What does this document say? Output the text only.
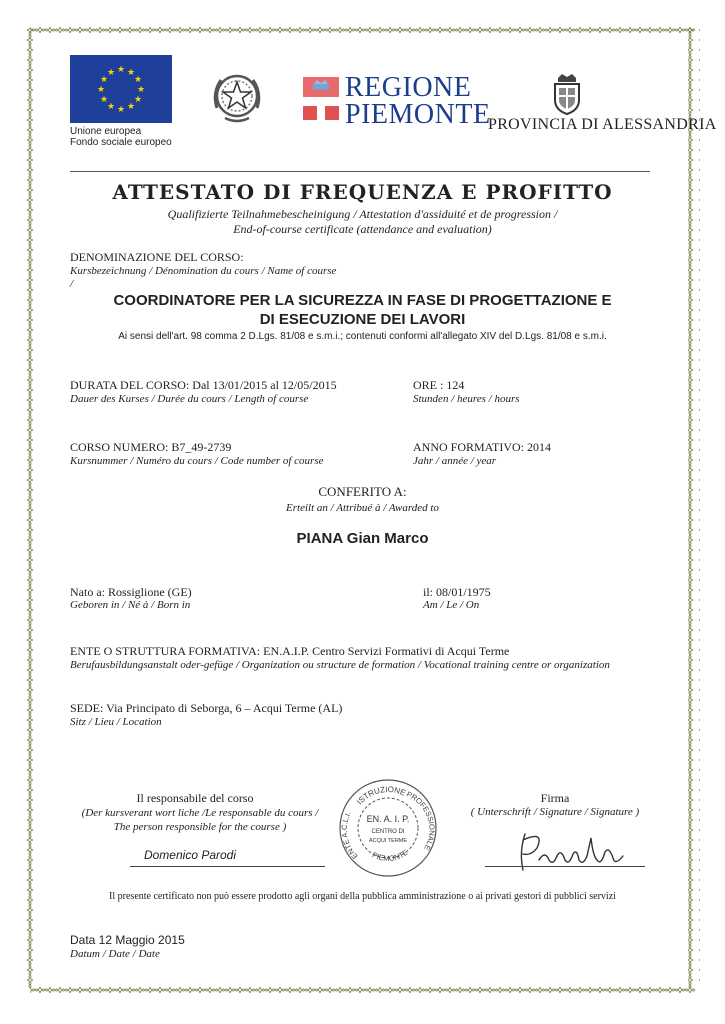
★ ★
★
★
★
★
★
★
★
★
★
★
Unione europea
Fondo sociale europeo
REGIONE
PIEMONTE
PROVINCIA DI ALESSANDRIA
ATTESTATO DI FREQUENZA E PROFITTO
Qualifizierte Teilnahmebescheinigung / Attestation d'assiduité et de progression /
End-of-course certificate (attendance and evaluation)
DENOMINAZIONE DEL CORSO:
Kursbezeichnung / Dénomination du cours / Name of course
/
COORDINATORE PER LA SICUREZZA IN FASE DI PROGETTAZIONE E
DI ESECUZIONE DEI LAVORI
Ai sensi dell'art. 98 comma 2 D.Lgs. 81/08 e s.m.i.; contenuti conformi all'allegato XIV del D.Lgs. 81/08 e s.m.i.
DURATA DEL CORSO: Dal 13/01/2015 al 12/05/2015
Dauer des Kurses / Durée du cours / Length of course
ORE : 124
Stunden / heures / hours
CORSO NUMERO: B7_49-2739
Kursnummer / Numéro du cours / Code number of course
ANNO FORMATIVO: 2014
Jahr / année / year
CONFERITO A:
Erteilt an / Attribué à / Awarded to
PIANA Gian Marco
Nato a: Rossiglione (GE)
Geboren in / Né à / Born in
il: 08/01/1975
Am / Le / On
ENTE O STRUTTURA FORMATIVA: EN.A.I.P. Centro Servizi Formativi di Acqui Terme
Berufausbildungsanstalt oder-gefüge / Organization ou structure de formation / Vocational training centre or organization
SEDE: Via Principato di Seborga, 6 – Acqui Terme (AL)
Sitz / Lieu / Location
Il responsabile del corso
(Der kursverant wort liche /Le responsable du cours /
The person responsible for the course )
Domenico Parodi
ISTRUZIONE
PROFESSIONALE
PIEMONTE
ENTE A.C.L.I.
EN. A. I. P.
CENTRO DI
ACQUI TERME
Firma
( Unterschrift / Signature / Signature )
Il presente certificato non può essere prodotto agli organi della pubblica amministrazione o ai privati gestori di pubblici servizi
Data 12 Maggio 2015
Datum / Date / Date
